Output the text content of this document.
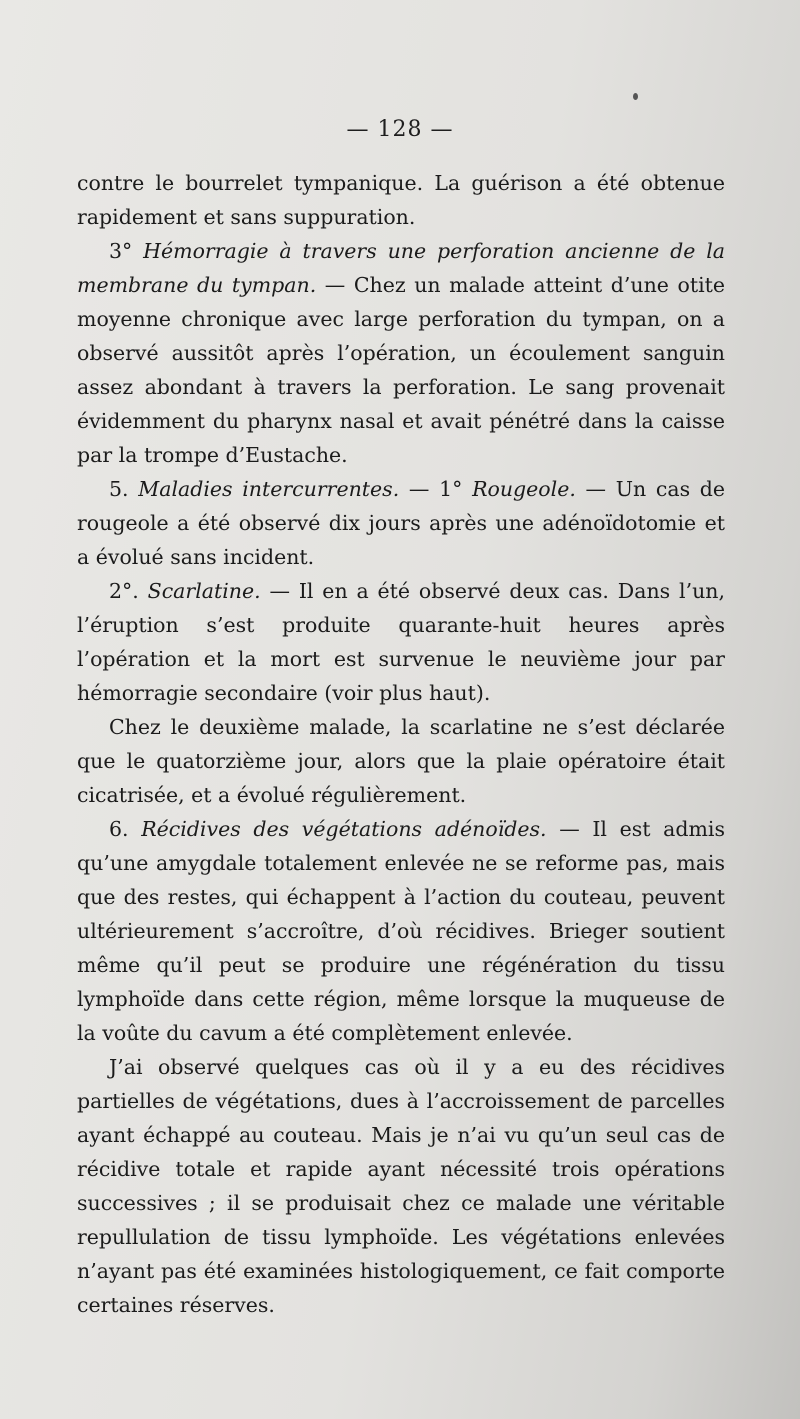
— 128 —

contre le bourrelet tympanique. La guérison a été obtenue rapidement et sans suppuration.

3° Hémorragie à travers une perforation ancienne de la membrane du tympan. — Chez un malade atteint d’une otite moyenne chronique avec large perforation du tympan, on a observé aussitôt après l’opération, un écoulement sanguin assez abondant à travers la perforation. Le sang provenait évidemment du pharynx nasal et avait pénétré dans la caisse par la trompe d’Eustache.

5. Maladies intercurrentes. — 1° Rougeole. — Un cas de rougeole a été observé dix jours après une adénoïdotomie et a évolué sans incident.

2°. Scarlatine. — Il en a été observé deux cas. Dans l’un, l’éruption s’est produite quarante-huit heures après l’opération et la mort est survenue le neuvième jour par hémorragie secondaire (voir plus haut).

Chez le deuxième malade, la scarlatine ne s’est déclarée que le quatorzième jour, alors que la plaie opératoire était cicatrisée, et a évolué régulièrement.

6. Récidives des végétations adénoïdes. — Il est admis qu’une amygdale totalement enlevée ne se reforme pas, mais que des restes, qui échappent à l’action du couteau, peuvent ultérieurement s’accroître, d’où récidives. Brieger soutient même qu’il peut se produire une régénération du tissu lymphoïde dans cette région, même lorsque la muqueuse de la voûte du cavum a été complètement enlevée.

J’ai observé quelques cas où il y a eu des récidives partielles de végétations, dues à l’accroissement de parcelles ayant échappé au couteau. Mais je n’ai vu qu’un seul cas de récidive totale et rapide ayant nécessité trois opérations successives ; il se produisait chez ce malade une véritable repullulation de tissu lymphoïde. Les végétations enlevées n’ayant pas été examinées histologiquement, ce fait comporte certaines réserves.
